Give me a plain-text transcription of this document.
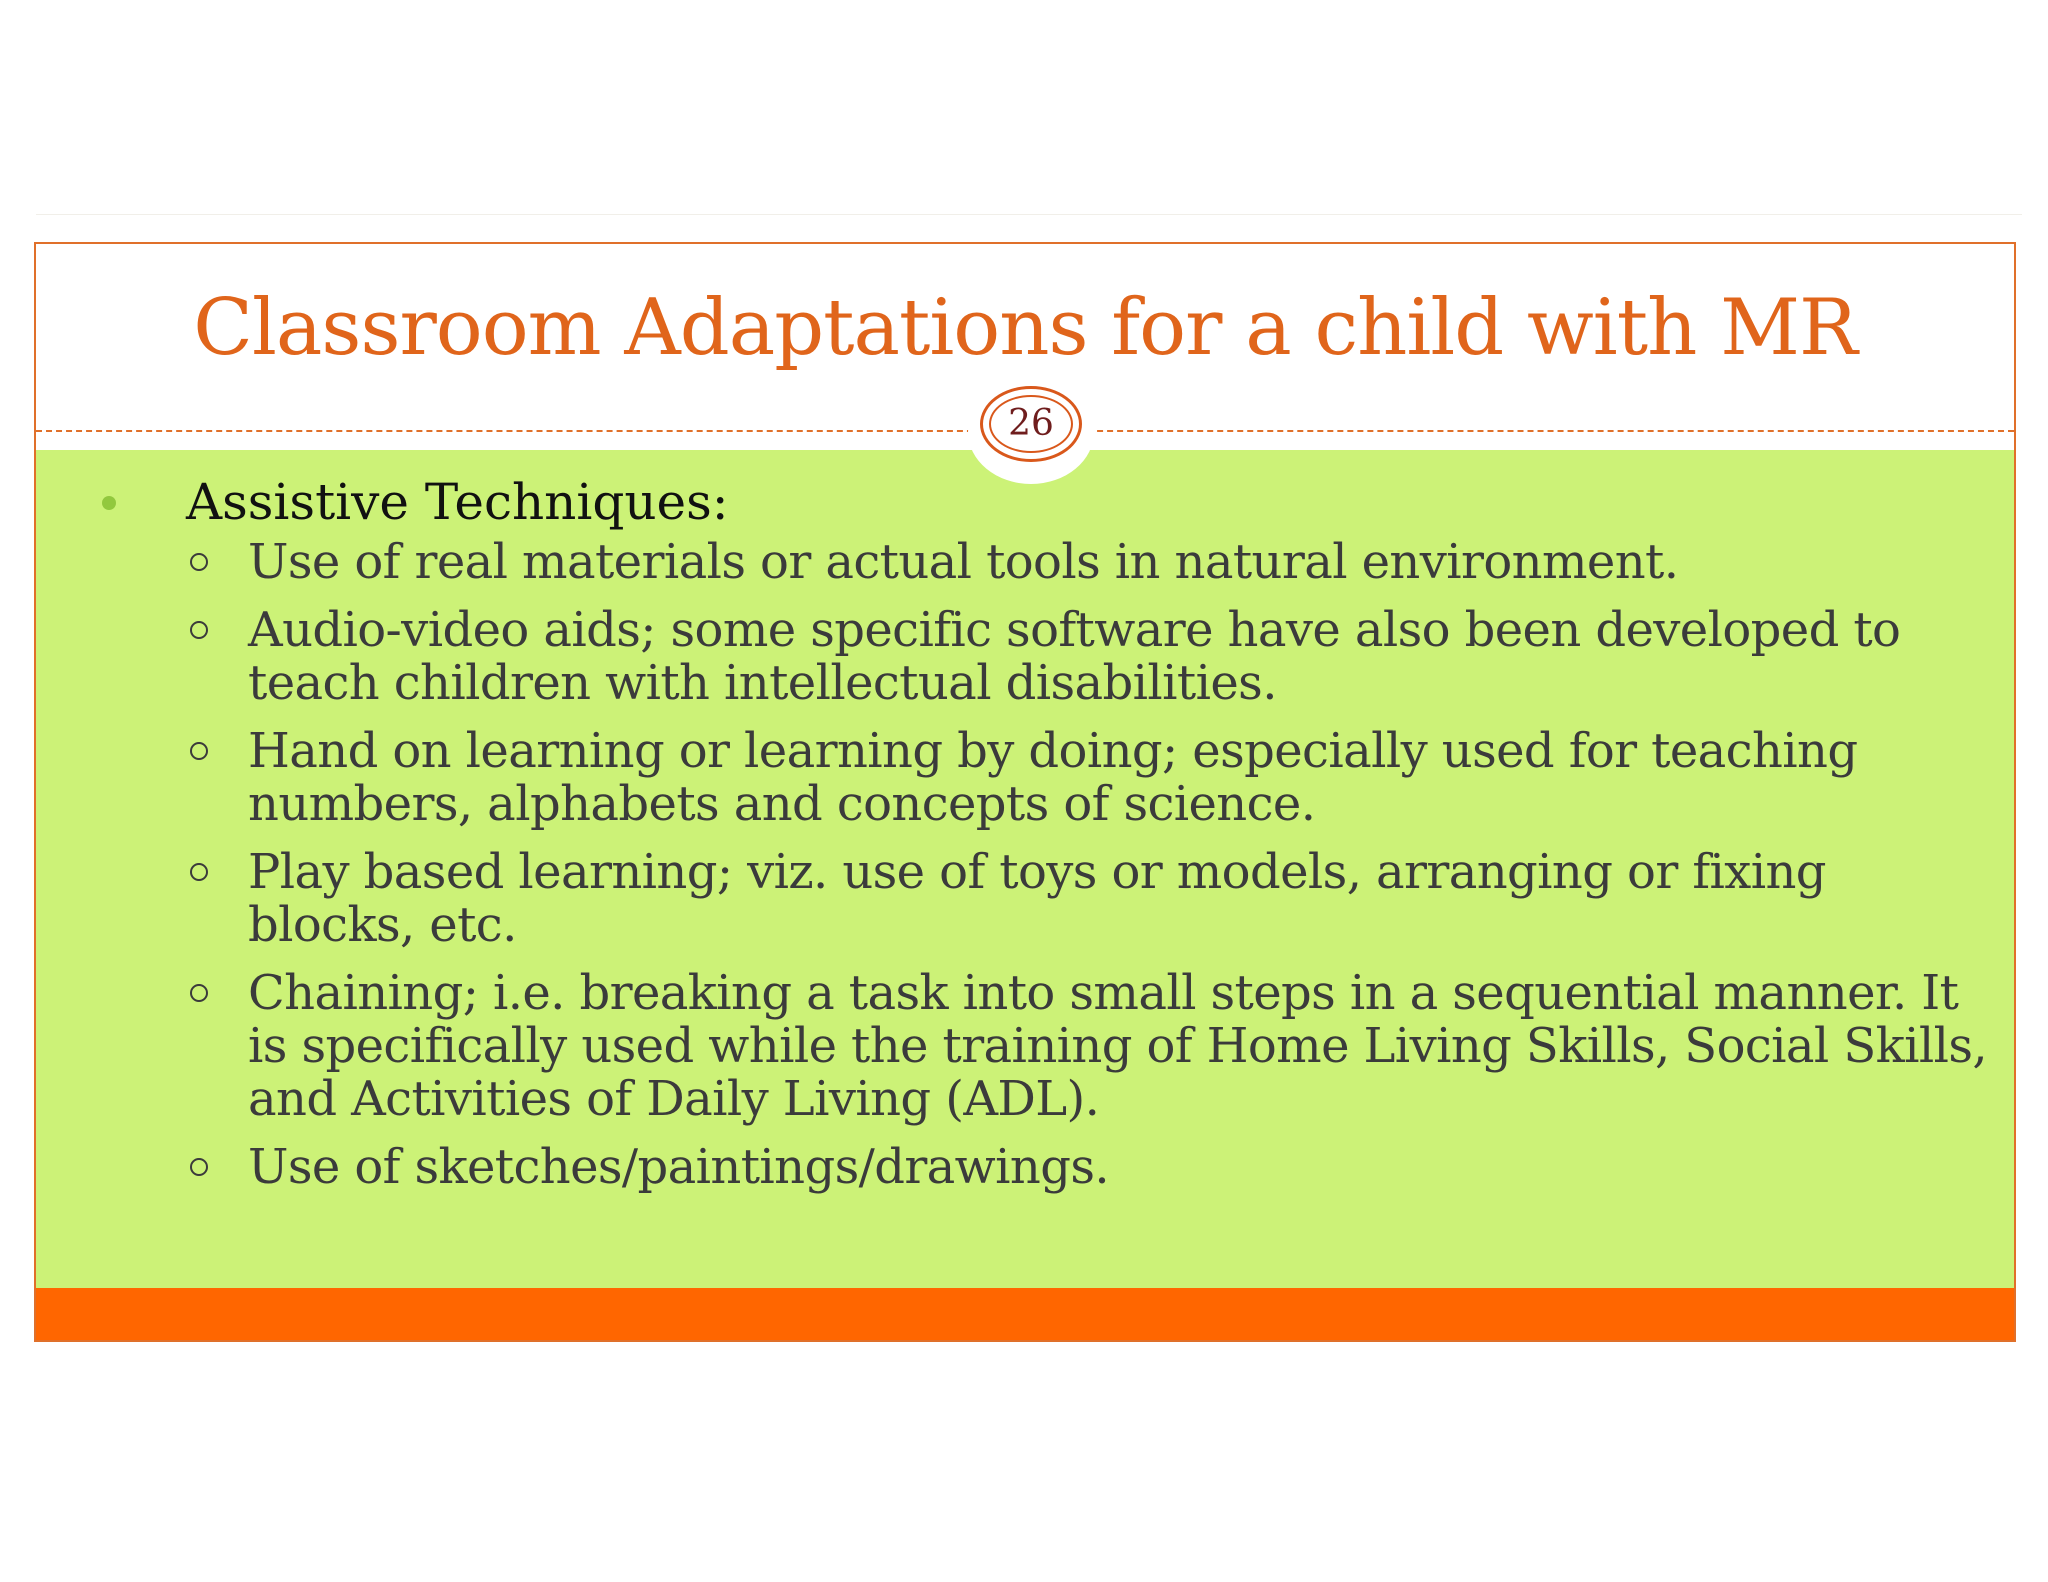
Classroom Adaptations for a child with MR
26
Assistive Techniques:
Use of real materials or actual tools in natural environment.
Audio-video aids; some specific software have also been developed to
teach children with intellectual disabilities.
Hand on learning or learning by doing; especially used for teaching
numbers, alphabets and concepts of science.
Play based learning; viz. use of toys or models, arranging or fixing
blocks, etc.
Chaining; i.e. breaking a task into small steps in a sequential manner. It
is specifically used while the training of Home Living Skills, Social Skills,
and Activities of Daily Living (ADL).
Use of sketches/paintings/drawings.
